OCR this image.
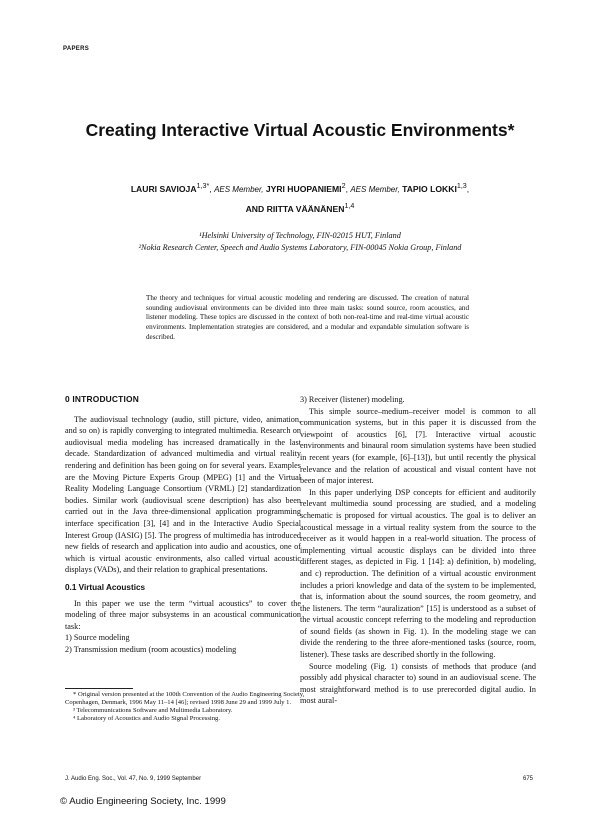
PAPERS
Creating Interactive Virtual Acoustic Environments*
LAURI $SAVIOJA^{1,3*}$, AES Member, JYRI HUOPANIEMI$^2$, AES Member, TAPIO LOKKI$^{1,3}$,
AND RIITTA VÄÄNÄNEN$^{1,4}$
¹Helsinki University of Technology, FIN-02015 HUT, Finland
²Nokia Research Center, Speech and Audio Systems Laboratory, FIN-00045 Nokia Group, Finland
The theory and techniques for virtual acoustic modeling and rendering are discussed. The creation of natural sounding audiovisual environments can be divided into three main tasks: sound source, room acoustics, and listener modeling. These topics are discussed in the context of both non-real-time and real-time virtual acoustic environments. Implementation strategies are considered, and a modular and expandable simulation software is described.
0 INTRODUCTION

The audiovisual technology (audio, still picture, video, animation, and so on) is rapidly converging to integrated multimedia. Research on audiovisual media modeling has increased dramatically in the last decade. Standardization of advanced multimedia and virtual reality rendering and definition has been going on for several years. Examples are the Moving Picture Experts Group (MPEG) [1] and the Virtual Reality Modeling Language Consortium (VRML) [2] standardization bodies. Similar work (audiovisual scene description) has also been carried out in the Java three-dimensional application programming interface specification [3], [4] and in the Interactive Audio Special Interest Group (IASIG) [5]. The progress of multimedia has introduced new fields of research and application into audio and acoustics, one of which is virtual acoustic environments, also called virtual acoustic displays (VADs), and their relation to graphical presentations.

0.1 Virtual Acoustics

In this paper we use the term “virtual acoustics” to cover the modeling of three major subsystems in an acoustical communication task:

1) Source modeling

2) Transmission medium (room acoustics) modeling

* Original version presented at the 100th Convention of the Audio Engineering Society, Copenhagen, Denmark, 1996 May 11–14 [46]; revised 1998 June 29 and 1999 July 1.

³ Telecommunications Software and Multimedia Laboratory.

⁴ Laboratory of Acoustics and Audio Signal Processing.

3) Receiver (listener) modeling.

This simple source–medium–receiver model is common to all communication systems, but in this paper it is discussed from the viewpoint of acoustics [6], [7]. Interactive virtual acoustic environments and binaural room simulation systems have been studied in recent years (for example, [6]–[13]), but until recently the physical relevance and the relation of acoustical and visual content have not been of major interest.

In this paper underlying DSP concepts for efficient and auditorily relevant multimedia sound processing are studied, and a modeling schematic is proposed for virtual acoustics. The goal is to deliver an acoustical message in a virtual reality system from the source to the receiver as it would happen in a real-world situation. The process of implementing virtual acoustic displays can be divided into three different stages, as depicted in Fig. 1 [14]: a) definition, b) modeling, and c) reproduction. The definition of a virtual acoustic environment includes a priori knowledge and data of the system to be implemented, that is, information about the sound sources, the room geometry, and the listeners. The term “auralization” [15] is understood as a subset of the virtual acoustic concept referring to the modeling and reproduction of sound fields (as shown in Fig. 1). In the modeling stage we can divide the rendering to the three afore-mentioned tasks (source, room, listener). These tasks are described shortly in the following.

Source modeling (Fig. 1) consists of methods that produce (and possibly add physical character to) sound in an audiovisual scene. The most straightforward method is to use prerecorded digital audio. In most aural-

J. Audio Eng. Soc., Vol. 47, No. 9, 1999 September	675
© Audio Engineering Society, Inc. 1999
